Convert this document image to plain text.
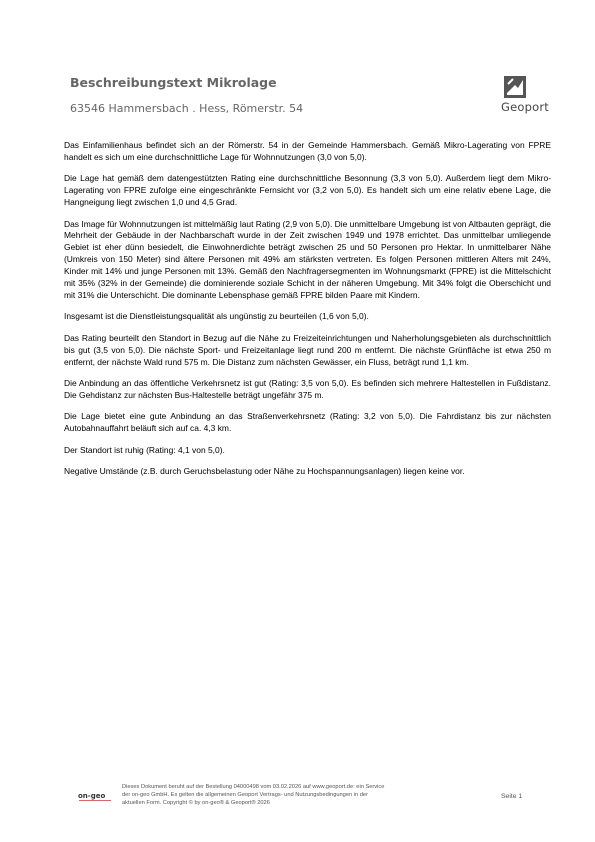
Beschreibungstext Mikrolage
63546 Hammersbach . Hess, Römerstr. 54	Geoport

Das Einfamilienhaus befindet sich an der Römerstr. 54 in der Gemeinde Hammersbach. Gemäß Mikro-Lagerating von FPRE handelt es sich um eine durchschnittliche Lage für Wohnnutzungen (3,0 von 5,0).

Die Lage hat gemäß dem datengestützten Rating eine durchschnittliche Besonnung (3,3 von 5,0). Außerdem liegt dem Mikro-Lagerating von FPRE zufolge eine eingeschränkte Fernsicht vor (3,2 von 5,0). Es handelt sich um eine relativ ebene Lage, die Hangneigung liegt zwischen 1,0 und 4,5 Grad.

Das Image für Wohnnutzungen ist mittelmäßig laut Rating (2,9 von 5,0). Die unmittelbare Umgebung ist von Altbauten geprägt, die Mehrheit der Gebäude in der Nachbarschaft wurde in der Zeit zwischen 1949 und 1978 errichtet. Das unmittelbar umliegende Gebiet ist eher dünn besiedelt, die Einwohnerdichte beträgt zwischen 25 und 50 Personen pro Hektar. In unmittelbarer Nähe (Umkreis von 150 Meter) sind ältere Personen mit 49% am stärksten vertreten. Es folgen Personen mittleren Alters mit 24%, Kinder mit 14% und junge Personen mit 13%. Gemäß den Nachfragersegmenten im Wohnungsmarkt (FPRE) ist die Mittelschicht mit 35% (32% in der Gemeinde) die dominierende soziale Schicht in der näheren Umgebung. Mit 34% folgt die Oberschicht und mit 31% die Unterschicht. Die dominante Lebensphase gemäß FPRE bilden Paare mit Kindern.

Insgesamt ist die Dienstleistungsqualität als ungünstig zu beurteilen (1,6 von 5,0).

Das Rating beurteilt den Standort in Bezug auf die Nähe zu Freizeiteinrichtungen und Naherholungsgebieten als durchschnittlich bis gut (3,5 von 5,0). Die nächste Sport- und Freizeitanlage liegt rund 200 m entfernt. Die nächste Grünfläche ist etwa 250 m entfernt, der nächste Wald rund 575 m. Die Distanz zum nächsten Gewässer, ein Fluss, beträgt rund 1,1 km.

Die Anbindung an das öffentliche Verkehrsnetz ist gut (Rating: 3,5 von 5,0). Es befinden sich mehrere Haltestellen in Fußdistanz. Die Gehdistanz zur nächsten Bus-Haltestelle beträgt ungefähr 375 m.

Die Lage bietet eine gute Anbindung an das Straßenverkehrsnetz (Rating: 3,2 von 5,0). Die Fahrdistanz bis zur nächsten Autobahnauffahrt beläuft sich auf ca. 4,3 km.

Der Standort ist ruhig (Rating: 4,1 von 5,0).

Negative Umstände (z.B. durch Geruchsbelastung oder Nähe zu Hochspannungsanlagen) liegen keine vor.

on-geo
Dieses Dokument beruht auf der Bestellung 04000498 vom 03.02.2026 auf www.geoport.de: ein Service
der on-geo GmbH. Es gelten die allgemeinen Geoport Vertrags- und Nutzungsbedingungen in der
aktuellen Form. Copyright © by on-geo® & Geoport® 2026
Seite 1
